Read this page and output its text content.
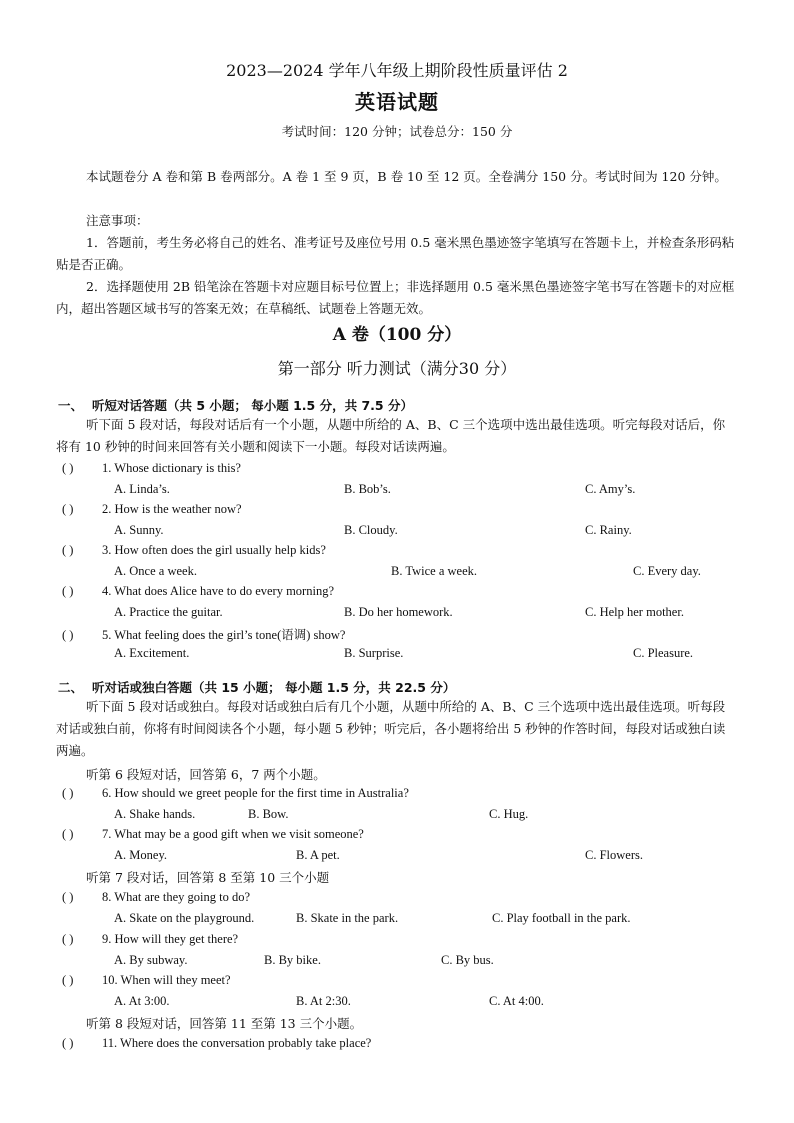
2023—2024 学年八年级上期阶段性质量评估 2
英语试题
考试时间：120 分钟；试卷总分：150 分
本试题卷分 A 卷和第 B 卷两部分。A 卷 1 至 9 页，B 卷 10 至 12 页。全卷满分 150 分。考试时间为 120 分钟。
注意事项：
1．答题前，考生务必将自己的姓名、准考证号及座位号用 0.5 毫米黑色墨迹签字笔填写在答题卡上，并检查条形码粘贴是否正确。
2．选择题使用 2B 铅笔涂在答题卡对应题目标号位置上；非选择题用 0.5 毫米黑色墨迹签字笔书写在答题卡的对应框内，超出答题区域书写的答案无效；在草稿纸、试题卷上答题无效。
A 卷（100 分）
第一部分 听力测试（满分30 分）
一、 听短对话答题（共 5 小题； 每小题 1.5 分，共 7.5 分）
听下面 5 段对话，每段对话后有一个小题，从题中所给的 A、B、C 三个选项中选出最佳选项。听完每段对话后，你将有 10 秒钟的时间来回答有关小题和阅读下一小题。每段对话读两遍。
( ) 1. Whose dictionary is this?
A. Linda’s.	B. Bob’s.	C. Amy’s.
( ) 2. How is the weather now?
A. Sunny.	B. Cloudy.	C. Rainy.
( ) 3. How often does the girl usually help kids?
A. Once a week.	B. Twice a week.	C. Every day.
( ) 4. What does Alice have to do every morning?
A. Practice the guitar.	B. Do her homework.	C. Help her mother.
( ) 5. What feeling does the girl’s tone(语调) show?
A. Excitement.	B. Surprise.	C. Pleasure.
二、 听对话或独白答题（共 15 小题； 每小题 1.5 分，共 22.5 分）
听下面 5 段对话或独白。每段对话或独白后有几个小题，从题中所给的 A、B、C 三个选项中选出最佳选项。听每段对话或独白前，你将有时间阅读各个小题，每小题 5 秒钟；听完后，各小题将给出 5 秒钟的作答时间，每段对话或独白读两遍。
听第 6 段短对话，回答第 6，7 两个小题。
( ) 6. How should we greet people for the first time in Australia?
A. Shake hands.	B. Bow.	C. Hug.
( ) 7. What may be a good gift when we visit someone?
A. Money.	B. A pet.	C. Flowers.
听第 7 段对话，回答第 8 至第 10 三个小题
( ) 8. What are they going to do?
A. Skate on the playground.	B. Skate in the park.	C. Play football in the park.
( ) 9. How will they get there?
A. By subway.	B. By bike.	C. By bus.
( ) 10. When will they meet?
A. At 3:00.	B. At 2:30.	C. At 4:00.
听第 8 段短对话，回答第 11 至第 13 三个小题。
( ) 11. Where does the conversation probably take place?
